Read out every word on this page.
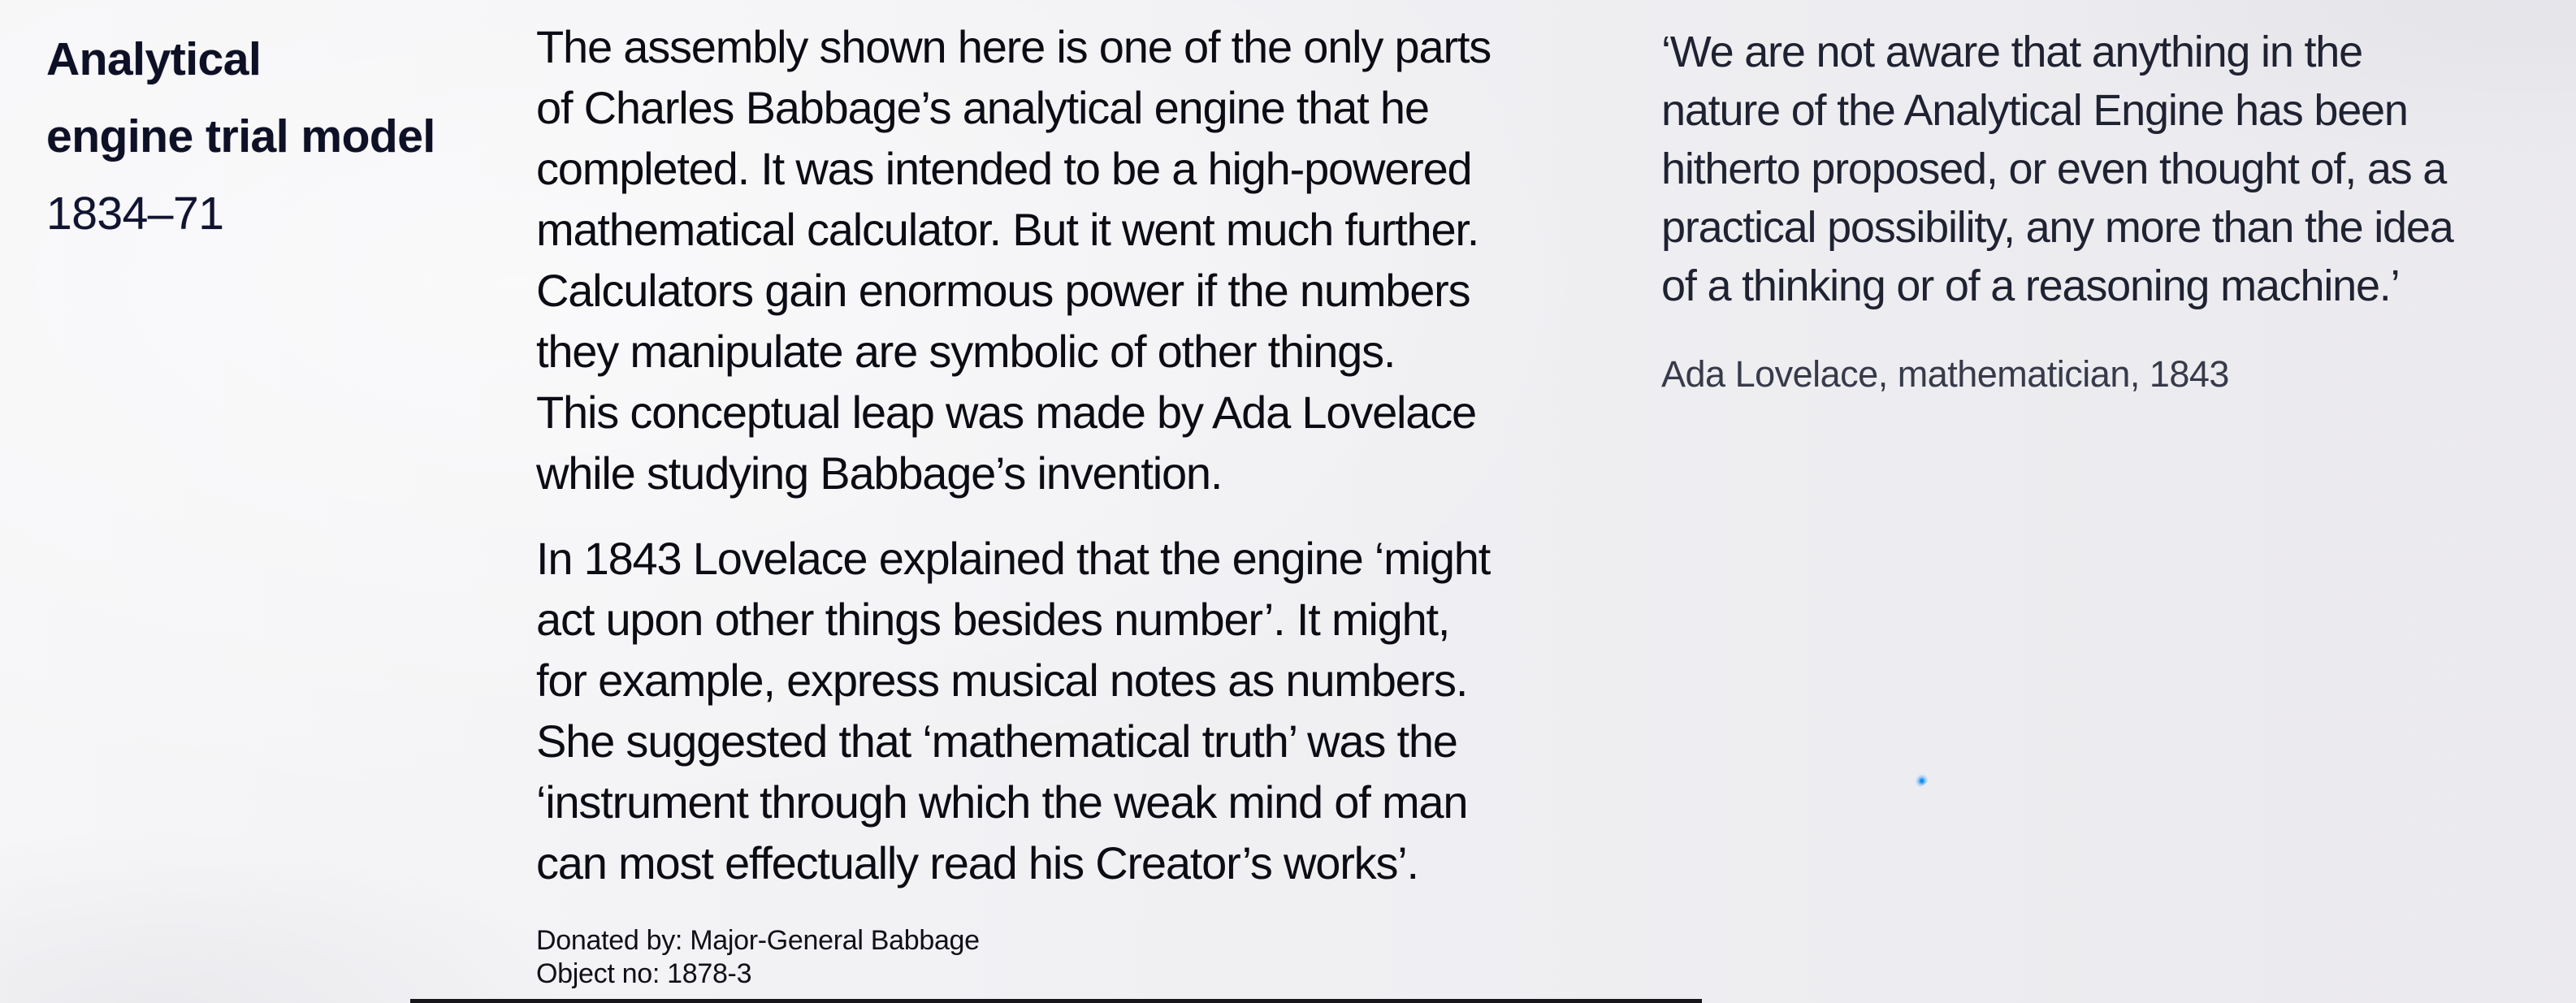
Analytical
engine trial model
1834–71

The assembly shown here is one of the only parts
of Charles Babbage’s analytical engine that he
completed. It was intended to be a high-powered
mathematical calculator. But it went much further.
Calculators gain enormous power if the numbers
they manipulate are symbolic of other things.
This conceptual leap was made by Ada Lovelace
while studying Babbage’s invention.

In 1843 Lovelace explained that the engine ‘might
act upon other things besides number’. It might,
for example, express musical notes as numbers.
She suggested that ‘mathematical truth’ was the
‘instrument through which the weak mind of man
can most effectually read his Creator’s works’.

Donated by: Major-General Babbage
Object no: 1878-3
‘We are not aware that anything in the
nature of the Analytical Engine has been
hitherto proposed, or even thought of, as a
practical possibility, any more than the idea
of a thinking or of a reasoning machine.’
Ada Lovelace, mathematician, 1843
